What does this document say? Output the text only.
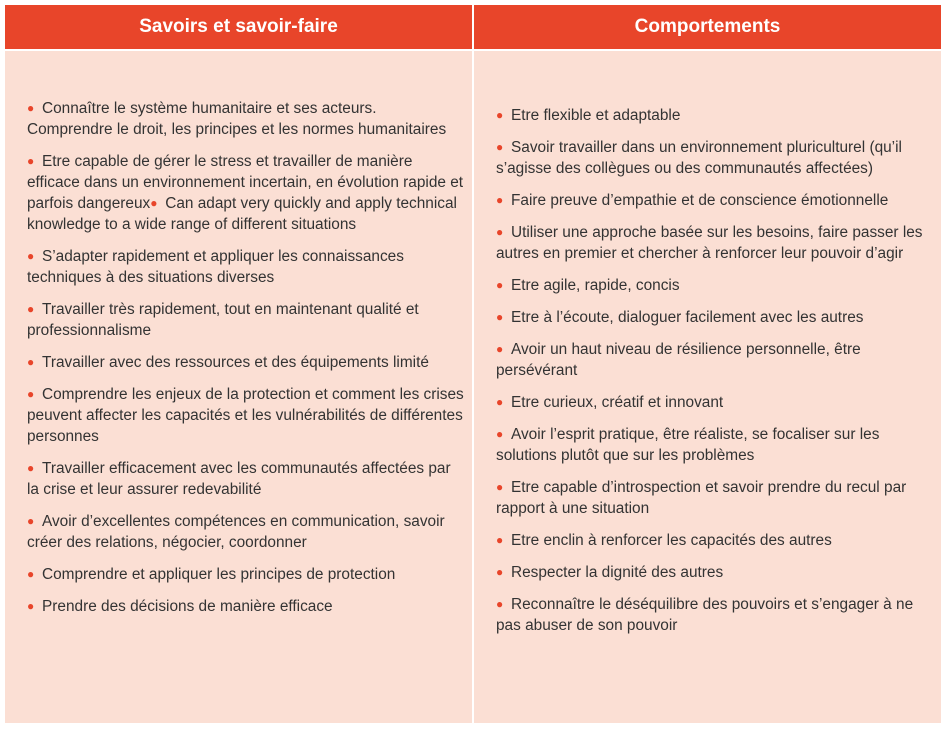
Savoirs et savoir-faire
● Connaître le système humanitaire et ses acteurs. Comprendre le droit, les principes et les normes humanitaires
● Etre capable de gérer le stress et travailler de manière efficace dans un environnement incertain, en évolution rapide et parfois dangereux● Can adapt very quickly and apply technical knowledge to a wide range of different situations
● S’adapter rapidement et appliquer les connaissances techniques à des situations diverses
● Travailler très rapidement, tout en maintenant qualité et professionnalisme
● Travailler avec des ressources et des équipements limité
● Comprendre les enjeux de la protection et comment les crises peuvent affecter les capacités et les vulnérabilités de différentes personnes
● Travailler efficacement avec les communautés affectées par la crise et leur assurer redevabilité
● Avoir d’excellentes compétences en communication, savoir créer des relations, négocier, coordonner
● Comprendre et appliquer les principes de protection
● Prendre des décisions de manière efficace
Comportements
● Etre flexible et adaptable
● Savoir travailler dans un environnement pluriculturel (qu’il s’agisse des collègues ou des communautés affectées)
● Faire preuve d’empathie et de conscience émotionnelle
● Utiliser une approche basée sur les besoins, faire passer les autres en premier et chercher à renforcer leur pouvoir d’agir
● Etre agile, rapide, concis
● Etre à l’écoute, dialoguer facilement avec les autres
● Avoir un haut niveau de résilience personnelle, être persévérant
● Etre curieux, créatif et innovant
● Avoir l’esprit pratique, être réaliste, se focaliser sur les solutions plutôt que sur les problèmes
● Etre capable d’introspection et savoir prendre du recul par rapport à une situation
● Etre enclin à renforcer les capacités des autres
● Respecter la dignité des autres
● Reconnaître le déséquilibre des pouvoirs et s’engager à ne pas abuser de son pouvoir
